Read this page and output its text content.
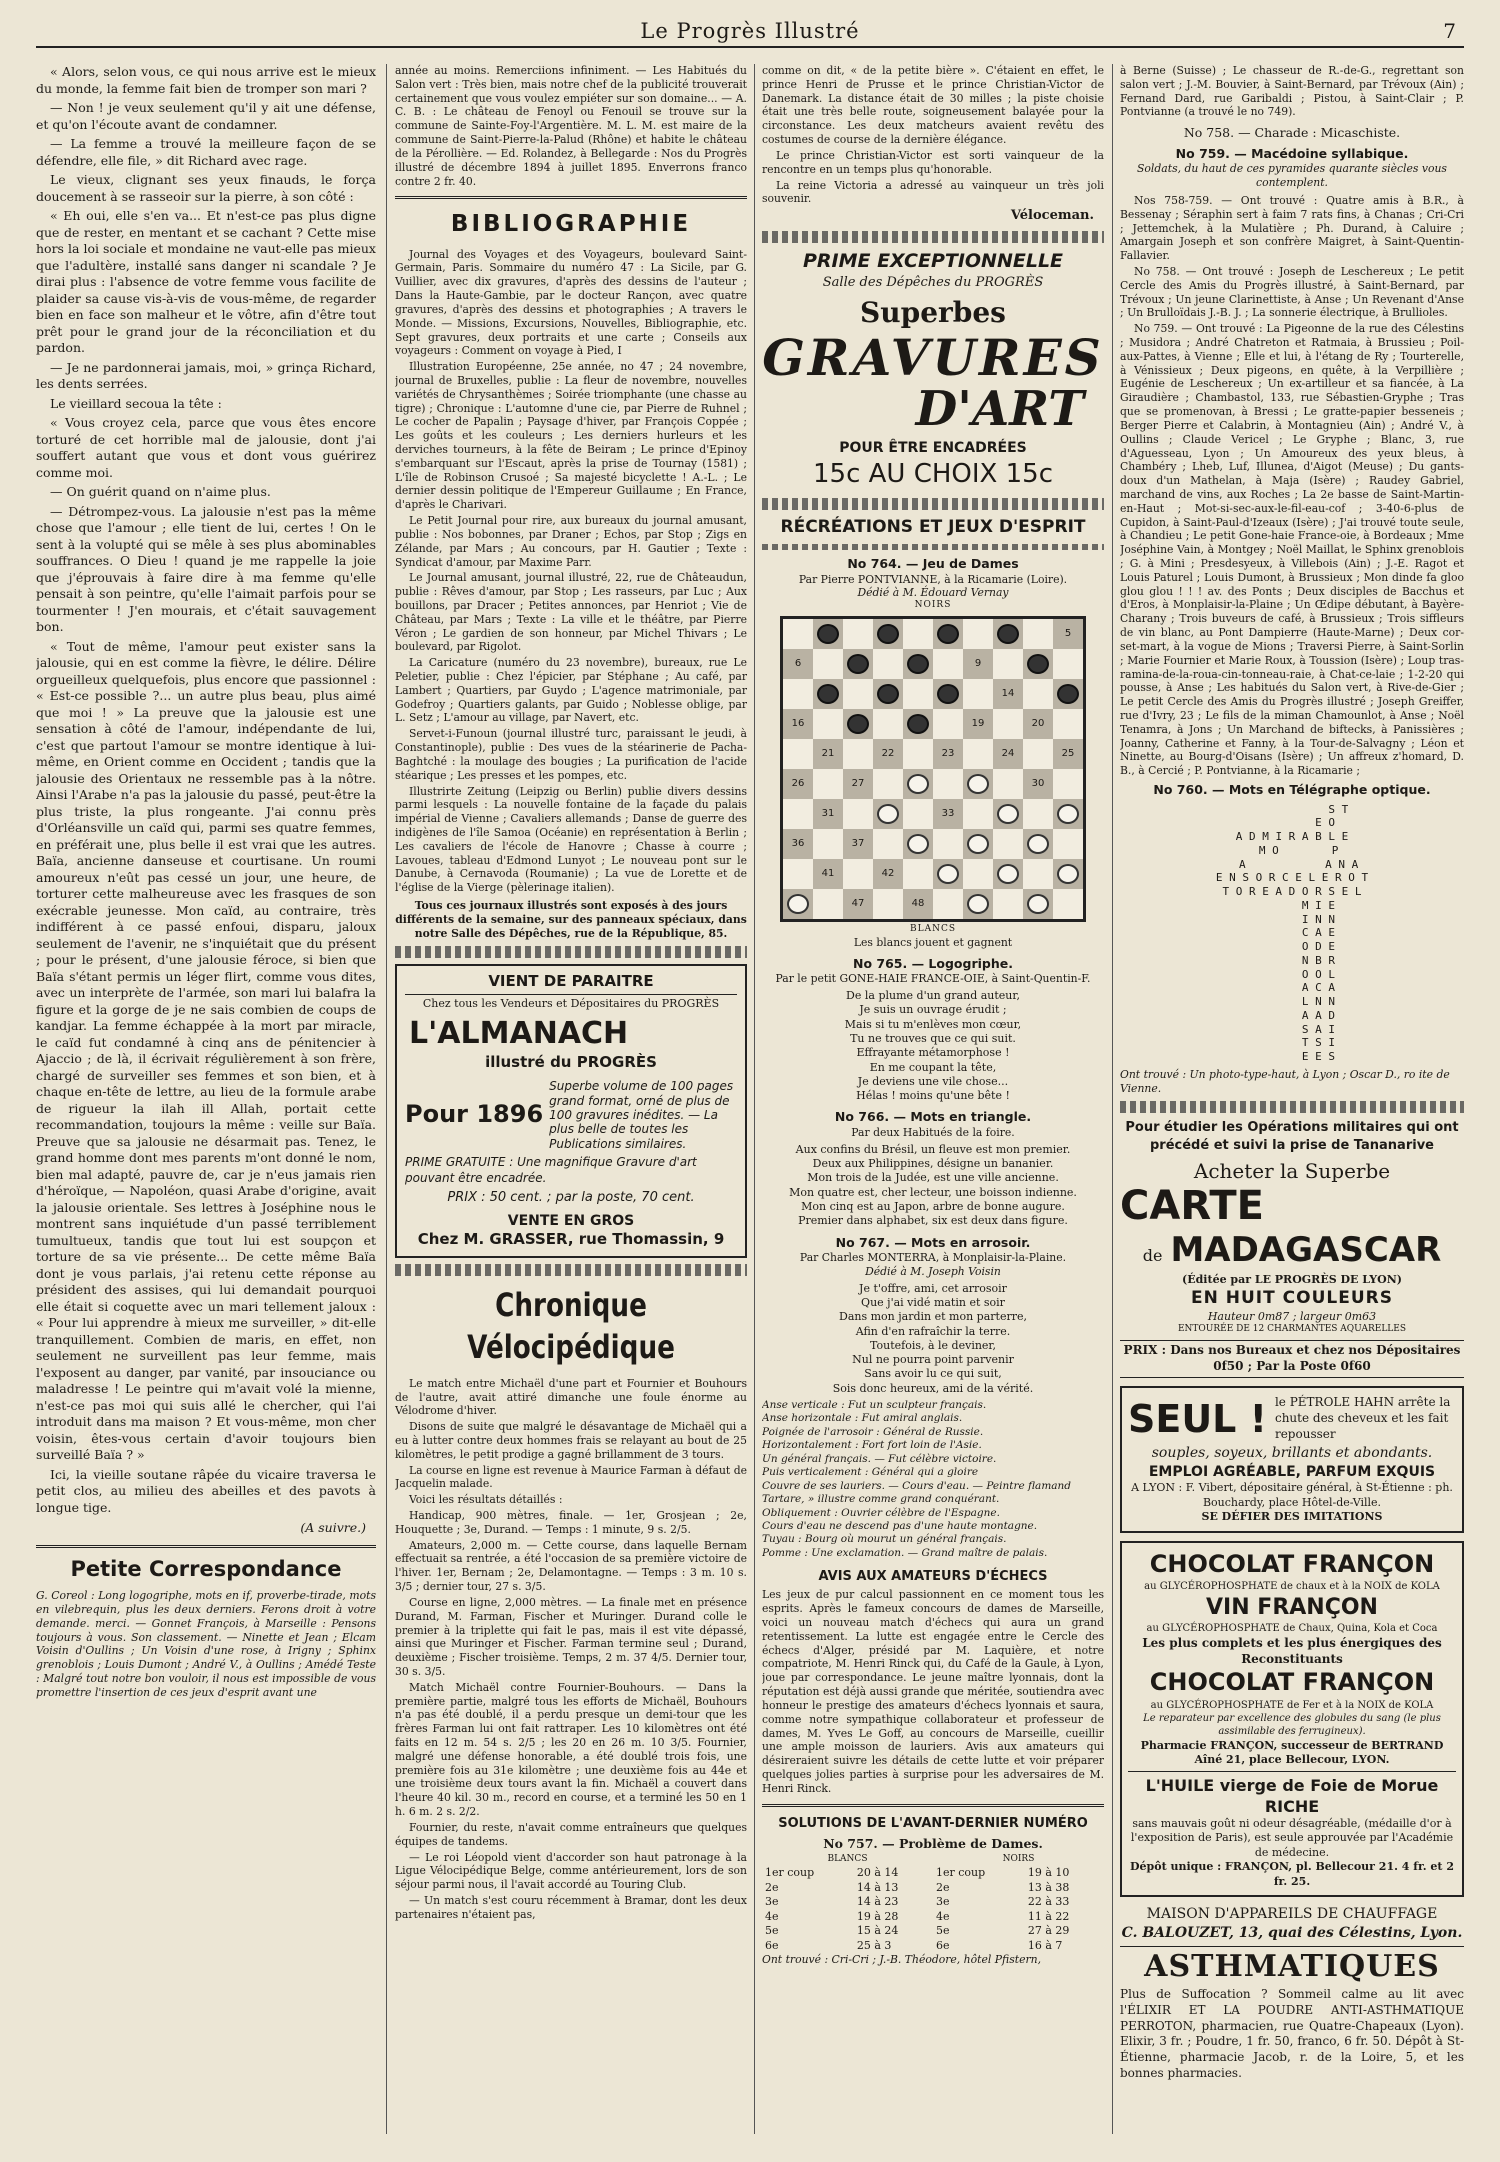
Le Progrès Illustré	7

« Alors, selon vous, ce qui nous arrive est le mieux du monde, la femme fait bien de tromper son mari ?

— Non ! je veux seulement qu'il y ait une défense, et qu'on l'écoute avant de condamner.

— La femme a trouvé la meilleure façon de se défendre, elle file, » dit Richard avec rage.

Le vieux, clignant ses yeux finauds, le força doucement à se rasseoir sur la pierre, à son côté :

« Eh oui, elle s'en va... Et n'est-ce pas plus digne que de rester, en mentant et se cachant ? Cette mise hors la loi sociale et mondaine ne vaut-elle pas mieux que l'adultère, installé sans danger ni scandale ? Je dirai plus : l'absence de votre femme vous facilite de plaider sa cause vis-à-vis de vous-même, de regarder bien en face son malheur et le vôtre, afin d'être tout prêt pour le grand jour de la réconciliation et du pardon.

— Je ne pardonnerai jamais, moi, » grinça Richard, les dents serrées.

Le vieillard secoua la tête :

« Vous croyez cela, parce que vous êtes encore torturé de cet horrible mal de jalousie, dont j'ai souffert autant que vous et dont vous guérirez comme moi.

— On guérit quand on n'aime plus.

— Détrompez-vous. La jalousie n'est pas la même chose que l'amour ; elle tient de lui, certes ! On le sent à la volupté qui se mêle à ses plus abominables souffrances. O Dieu ! quand je me rappelle la joie que j'éprouvais à faire dire à ma femme qu'elle pensait à son peintre, qu'elle l'aimait parfois pour se tourmenter ! J'en mourais, et c'était sauvagement bon.

« Tout de même, l'amour peut exister sans la jalousie, qui en est comme la fièvre, le délire. Délire orgueilleux quelquefois, plus encore que passionnel : « Est-ce possible ?... un autre plus beau, plus aimé que moi ! » La preuve que la jalousie est une sensation à côté de l'amour, indépendante de lui, c'est que partout l'amour se montre identique à lui-même, en Orient comme en Occident ; tandis que la jalousie des Orientaux ne ressemble pas à la nôtre. Ainsi l'Arabe n'a pas la jalousie du passé, peut-être la plus triste, la plus rongeante. J'ai connu près d'Orléansville un caïd qui, parmi ses quatre femmes, en préférait une, plus belle il est vrai que les autres. Baïa, ancienne danseuse et courtisane. Un roumi amoureux n'eût pas cessé un jour, une heure, de torturer cette malheureuse avec les frasques de son exécrable jeunesse. Mon caïd, au contraire, très indifférent à ce passé enfoui, disparu, jaloux seulement de l'avenir, ne s'inquiétait que du présent ; pour le présent, d'une jalousie féroce, si bien que Baïa s'étant permis un léger flirt, comme vous dites, avec un interprète de l'armée, son mari lui balafra la figure et la gorge de je ne sais combien de coups de kandjar. La femme échappée à la mort par miracle, le caïd fut condamné à cinq ans de pénitencier à Ajaccio ; de là, il écrivait régulièrement à son frère, chargé de surveiller ses femmes et son bien, et à chaque en-tête de lettre, au lieu de la formule arabe de rigueur la ilah ill Allah, portait cette recommandation, toujours la même : veille sur Baïa. Preuve que sa jalousie ne désarmait pas. Tenez, le grand homme dont mes parents m'ont donné le nom, bien mal adapté, pauvre de, car je n'eus jamais rien d'héroïque, — Napoléon, quasi Arabe d'origine, avait la jalousie orientale. Ses lettres à Joséphine nous le montrent sans inquiétude d'un passé terriblement tumultueux, tandis que tout lui est soupçon et torture de sa vie présente... De cette même Baïa dont je vous parlais, j'ai retenu cette réponse au président des assises, qui lui demandait pourquoi elle était si coquette avec un mari tellement jaloux : « Pour lui apprendre à mieux me surveiller, » dit-elle tranquillement. Combien de maris, en effet, non seulement ne surveillent pas leur femme, mais l'exposent au danger, par vanité, par insouciance ou maladresse ! Le peintre qui m'avait volé la mienne, n'est-ce pas moi qui suis allé le chercher, qui l'ai introduit dans ma maison ? Et vous-même, mon cher voisin, êtes-vous certain d'avoir toujours bien surveillé Baïa ? »

Ici, la vieille soutane râpée du vicaire traversa le petit clos, au milieu des abeilles et des pavots à longue tige.

(A suivre.)
Petite Correspondance
G. Coreol : Long logogriphe, mots en if, proverbe-tirade, mots en vilebrequin, plus les deux derniers. Ferons droit à votre demande. merci. — Gonnet François, à Marseille : Pensons toujours à vous. Son classement. — Ninette et Jean ; Elcam Voisin d'Oullins ; Un Voisin d'une rose, à Irigny ; Sphinx grenoblois ; Louis Dumont ; André V., à Oullins ; Amédé Teste : Malgré tout notre bon vouloir, il nous est impossible de vous promettre l'insertion de ces jeux d'esprit avant une
année au moins. Remerciions infiniment. — Les Habitués du Salon vert : Très bien, mais notre chef de la publicité trouverait certainement que vous voulez empiéter sur son domaine... — A. C. B. : Le château de Fenoyl ou Fenouil se trouve sur la commune de Sainte-Foy-l'Argentière. M. L. M. est maire de la commune de Saint-Pierre-la-Palud (Rhône) et habite le château de la Pérollière. — Ed. Rolandez, à Bellegarde : Nos du Progrès illustré de décembre 1894 à juillet 1895. Enverrons franco contre 2 fr. 40.
BIBLIOGRAPHIE

Journal des Voyages et des Voyageurs, boulevard Saint-Germain, Paris. Sommaire du numéro 47 : La Sicile, par G. Vuillier, avec dix gravures, d'après des dessins de l'auteur ; Dans la Haute-Gambie, par le docteur Rançon, avec quatre gravures, d'après des dessins et photographies ; A travers le Monde. — Missions, Excursions, Nouvelles, Bibliographie, etc. Sept gravures, deux portraits et une carte ; Conseils aux voyageurs : Comment on voyage à Pied, I

Illustration Européenne, 25e année, no 47 ; 24 novembre, journal de Bruxelles, publie : La fleur de novembre, nouvelles variétés de Chrysanthèmes ; Soirée triomphante (une chasse au tigre) ; Chronique : L'automne d'une cie, par Pierre de Ruhnel ; Le cocher de Papalin ; Paysage d'hiver, par François Coppée ; Les goûts et les couleurs ; Les derniers hurleurs et les derviches tourneurs, à la fête de Beiram ; Le prince d'Epinoy s'embarquant sur l'Escaut, après la prise de Tournay (1581) ; L'île de Robinson Crusoé ; Sa majesté bicyclette ! A.-L. ; Le dernier dessin politique de l'Empereur Guillaume ; En France, d'après le Charivari.

Le Petit Journal pour rire, aux bureaux du journal amusant, publie : Nos bobonnes, par Draner ; Echos, par Stop ; Zigs en Zélande, par Mars ; Au concours, par H. Gautier ; Texte : Syndicat d'amour, par Maxime Parr.

Le Journal amusant, journal illustré, 22, rue de Châteaudun, publie : Rêves d'amour, par Stop ; Les rasseurs, par Luc ; Aux bouillons, par Dracer ; Petites annonces, par Henriot ; Vie de Château, par Mars ; Texte : La ville et le théâtre, par Pierre Véron ; Le gardien de son honneur, par Michel Thivars ; Le boulevard, par Rigolot.

La Caricature (numéro du 23 novembre), bureaux, rue Le Peletier, publie : Chez l'épicier, par Stéphane ; Au café, par Lambert ; Quartiers, par Guydo ; L'agence matrimoniale, par Godefroy ; Quartiers galants, par Guido ; Noblesse oblige, par L. Setz ; L'amour au village, par Navert, etc.

Servet-i-Funoun (journal illustré turc, paraissant le jeudi, à Constantinople), publie : Des vues de la stéarinerie de Pacha-Baghtché : la moulage des bougies ; La purification de l'acide stéarique ; Les presses et les pompes, etc.

Illustrirte Zeitung (Leipzig ou Berlin) publie divers dessins parmi lesquels : La nouvelle fontaine de la façade du palais impérial de Vienne ; Cavaliers allemands ; Danse de guerre des indigènes de l'île Samoa (Océanie) en représentation à Berlin ; Les cavaliers de l'école de Hanovre ; Chasse à courre ; Lavoues, tableau d'Edmond Lunyot ; Le nouveau pont sur le Danube, à Cernavoda (Roumanie) ; La vue de Lorette et de l'église de la Vierge (pèlerinage italien).

Tous ces journaux illustrés sont exposés à des jours différents de la semaine, sur des panneaux spéciaux, dans notre Salle des Dépêches, rue de la République, 85.

VIENT DE PARAITRE
Chez tous les Vendeurs et Dépositaires du PROGRÈS
L'ALMANACH
illustré du PROGRÈS
Pour 1896
Superbe volume de 100 pages grand format, orné de plus de 100 gravures inédites. — La plus belle de toutes les Publications similaires.
PRIME GRATUITE : Une magnifique Gravure d'art pouvant être encadrée.
PRIX : 50 cent. ; par la poste, 70 cent.
VENTE EN GROS
Chez M. GRASSER, rue Thomassin, 9
Chronique Vélocipédique

Le match entre Michaël d'une part et Fournier et Bouhours de l'autre, avait attiré dimanche une foule énorme au Vélodrome d'hiver.

Disons de suite que malgré le désavantage de Michaël qui a eu à lutter contre deux hommes frais se relayant au bout de 25 kilomètres, le petit prodige a gagné brillamment de 3 tours.

La course en ligne est revenue à Maurice Farman à défaut de Jacquelin malade.

Voici les résultats détaillés :

Handicap, 900 mètres, finale. — 1er, Grosjean ; 2e, Houquette ; 3e, Durand. — Temps : 1 minute, 9 s. 2/5.

Amateurs, 2,000 m. — Cette course, dans laquelle Bernam effectuait sa rentrée, a été l'occasion de sa première victoire de l'hiver. 1er, Bernam ; 2e, Delamontagne. — Temps : 3 m. 10 s. 3/5 ; dernier tour, 27 s. 3/5.

Course en ligne, 2,000 mètres. — La finale met en présence Durand, M. Farman, Fischer et Muringer. Durand colle le premier à la triplette qui fait le pas, mais il est vite dépassé, ainsi que Muringer et Fischer. Farman termine seul ; Durand, deuxième ; Fischer troisième. Temps, 2 m. 37 4/5. Dernier tour, 30 s. 3/5.

Match Michaël contre Fournier-Bouhours. — Dans la première partie, malgré tous les efforts de Michaël, Bouhours n'a pas été doublé, il a perdu presque un demi-tour que les frères Farman lui ont fait rattraper. Les 10 kilomètres ont été faits en 12 m. 54 s. 2/5 ; les 20 en 26 m. 10 3/5. Fournier, malgré une défense honorable, a été doublé trois fois, une première fois au 31e kilomètre ; une deuxième fois au 44e et une troisième deux tours avant la fin. Michaël a couvert dans l'heure 40 kil. 30 m., record en course, et a terminé les 50 en 1 h. 6 m. 2 s. 2/2.

Fournier, du reste, n'avait comme entraîneurs que quelques équipes de tandems.

— Le roi Léopold vient d'accorder son haut patronage à la Ligue Vélocipédique Belge, comme antérieurement, lors de son séjour parmi nous, il l'avait accordé au Touring Club.

— Un match s'est couru récemment à Bramar, dont les deux partenaires n'étaient pas,

comme on dit, « de la petite bière ». C'étaient en effet, le prince Henri de Prusse et le prince Christian-Victor de Danemark. La distance était de 30 milles ; la piste choisie était une très belle route, soigneusement balayée pour la circonstance. Les deux matcheurs avaient revêtu des costumes de course de la dernière élégance.

Le prince Christian-Victor est sorti vainqueur de la rencontre en un temps plus qu'honorable.

La reine Victoria a adressé au vainqueur un très joli souvenir.

Véloceman.
PRIME EXCEPTIONNELLE
Salle des Dépêches du PROGRÈS
Superbes
GRAVURES
D'ART
POUR ÊTRE ENCADRÉES
15c AU CHOIX 15c
RÉCRÉATIONS ET JEUX D'ESPRIT
No 764. — Jeu de Dames
Par Pierre PONTVIANNE, à la Ricamarie (Loire).
Dédié à M. Édouard Vernay
NOIRS
5
6	9
14
16	19	20
21	22	23	24	25
26	27	30
31	33
36	37
41	42
47	48
BLANCS
Les blancs jouent et gagnent
No 765. — Logogriphe.
Par le petit GONE-HAIE FRANCE-OIE, à Saint-Quentin-F.
De la plume d'un grand auteur,
Je suis un ouvrage érudit ;
Mais si tu m'enlèves mon cœur,
Tu ne trouves que ce qui suit.
Effrayante métamorphose !
En me coupant la tête,
Je deviens une vile chose...
Hélas ! moins qu'une bête !
No 766. — Mots en triangle.
Par deux Habitués de la foire.
Aux confins du Brésil, un fleuve est mon premier.
Deux aux Philippines, désigne un bananier.
Mon trois de la Judée, est une ville ancienne.
Mon quatre est, cher lecteur, une boisson indienne.
Mon cinq est au Japon, arbre de bonne augure.
Premier dans alphabet, six est deux dans figure.
No 767. — Mots en arrosoir.
Par Charles MONTERRA, à Monplaisir-la-Plaine.
Dédié à M. Joseph Voisin
Je t'offre, ami, cet arrosoir
Que j'ai vidé matin et soir
Dans mon jardin et mon parterre,
Afin d'en rafraîchir la terre.
Toutefois, à le deviner,
Nul ne pourra point parvenir
Sans avoir lu ce qui suit,
Sois donc heureux, ami de la vérité.
Anse verticale : Fut un sculpteur français.
Anse horizontale : Fut amiral anglais.
Poignée de l'arrosoir : Général de Russie.
Horizontalement : Fort fort loin de l'Asie.
Un général français. — Fut célèbre victoire.
Puis verticalement : Général qui a gloire
Couvre de ses lauriers. — Cours d'eau. — Peintre flamand
Tartare, » illustre comme grand conquérant.
Obliquement : Ouvrier célèbre de l'Espagne.
Cours d'eau ne descend pas d'une haute montagne.
Tuyau : Bourg où mourut un général français.
Pomme : Une exclamation. — Grand maître de palais.
AVIS AUX AMATEURS D'ÉCHECS
Les jeux de pur calcul passionnent en ce moment tous les esprits. Après le fameux concours de dames de Marseille, voici un nouveau match d'échecs qui aura un grand retentissement. La lutte est engagée entre le Cercle des échecs d'Alger, présidé par M. Laquière, et notre compatriote, M. Henri Rinck qui, du Café de la Gaule, à Lyon, joue par correspondance. Le jeune maître lyonnais, dont la réputation est déjà aussi grande que méritée, soutiendra avec honneur le prestige des amateurs d'échecs lyonnais et saura, comme notre sympathique collaborateur et professeur de dames, M. Yves Le Goff, au concours de Marseille, cueillir une ample moisson de lauriers. Avis aux amateurs qui désireraient suivre les détails de cette lutte et voir préparer quelques jolies parties à surprise pour les adversaires de M. Henri Rinck.
SOLUTIONS DE L'AVANT-DERNIER NUMÉRO
No 757. — Problème de Dames.
BLANCS		NOIRS	
1er coup	20 à 14	1er coup	19 à 10
2e	14 à 13	2e	13 à 38
3e	14 à 23	3e	22 à 33
4e	19 à 28	4e	11 à 22
5e	15 à 24	5e	27 à 29
6e	25 à 3	6e	16 à 7
Ont trouvé : Cri-Cri ; J.-B. Théodore, hôtel Pfistern,
à Berne (Suisse) ; Le chasseur de R.-de-G., regrettant son salon vert ; J.-M. Bouvier, à Saint-Bernard, par Trévoux (Ain) ; Fernand Dard, rue Garibaldi ; Pistou, à Saint-Clair ; P. Pontvianne (a trouvé le no 749).
No 758. — Charade : Micaschiste.
No 759. — Macédoine syllabique.
Soldats, du haut de ces pyramides quarante siècles vous contemplent.

Nos 758-759. — Ont trouvé : Quatre amis à B.R., à Bessenay ; Séraphin sert à faim 7 rats fins, à Chanas ; Cri-Cri ; Jettemchek, à la Mulatière ; Ph. Durand, à Caluire ; Amargain Joseph et son confrère Maigret, à Saint-Quentin-Fallavier.

No 758. — Ont trouvé : Joseph de Leschereux ; Le petit Cercle des Amis du Progrès illustré, à Saint-Bernard, par Trévoux ; Un jeune Clarinettiste, à Anse ; Un Revenant d'Anse ; Un Brulloïdais J.-B. J. ; La sonnerie électrique, à Brullioles.

No 759. — Ont trouvé : La Pigeonne de la rue des Célestins ; Musidora ; André Chatreton et Ratmaia, à Brussieu ; Poil-aux-Pattes, à Vienne ; Elle et lui, à l'étang de Ry ; Tourterelle, à Vénissieux ; Deux pigeons, en quête, à la Verpillière ; Eugénie de Leschereux ; Un ex-artilleur et sa fiancée, à La Giraudière ; Chambastol, 133, rue Sébastien-Gryphe ; Tras que se promenovan, à Bressi ; Le gratte-papier besseneis ; Berger Pierre et Calabrin, à Montagnieu (Ain) ; André V., à Oullins ; Claude Vericel ; Le Gryphe ; Blanc, 3, rue d'Aguesseau, Lyon ; Un Amoureux des yeux bleus, à Chambéry ; Lheb, Luf, Illunea, d'Aigot (Meuse) ; Du gants-doux d'un Mathelan, à Maja (Isère) ; Raudey Gabriel, marchand de vins, aux Roches ; La 2e basse de Saint-Martin-en-Haut ; Mot-si-sec-aux-le-fil-eau-cof ; 3-40-6-plus de Cupidon, à Saint-Paul-d'Izeaux (Isère) ; J'ai trouvé toute seule, à Chandieu ; Le petit Gone-haie France-oie, à Bordeaux ; Mme Joséphine Vain, à Montgey ; Noël Maillat, le Sphinx grenoblois ; G. à Mini ; Presdesyeux, à Villebois (Ain) ; J.-E. Ragot et Louis Paturel ; Louis Dumont, à Brussieux ; Mon dinde fa gloo glou glou ! ! ! av. des Ponts ; Deux disciples de Bacchus et d'Eros, à Monplaisir-la-Plaine ; Un Œdipe débutant, à Bayère-Charany ; Trois buveurs de café, à Brussieux ; Trois siffleurs de vin blanc, au Pont Dampierre (Haute-Marne) ; Deux cor-set-mart, à la vogue de Mions ; Traversi Pierre, à Saint-Sorlin ; Marie Fournier et Marie Roux, à Toussion (Isère) ; Loup tras-ramina-de-la-roua-cin-tonneau-raie, à Chat-ce-laie ; 1-2-20 qui pousse, à Anse ; Les habitués du Salon vert, à Rive-de-Gier ; Le petit Cercle des Amis du Progrès illustré ; Joseph Greiffer, rue d'Ivry, 23 ; Le fils de la miman Chamounlot, à Anse ; Noël Tenamra, à Jons ; Un Marchand de biftecks, à Panissières ; Joanny, Catherine et Fanny, à la Tour-de-Salvagny ; Léon et Ninette, au Bourg-d'Oisans (Isère) ; Un affreux z'homard, D. B., à Cercié ; P. Pontvianne, à la Ricamarie ;

No 760. — Mots en Télégraphe optique.
S T
E O
A D M I R A B L E
M O        P
A            A N A
E N S O R C E L E R O T
T O R E A D O R S E L
M I E
I N N
C A E
O D E
N B R
O O L
A C A
L N N
A A D
S A I
T S I
E E S
Ont trouvé : Un photo-type-haut, à Lyon ; Oscar D., ro ite de Vienne.
Pour étudier les Opérations militaires qui ont précédé et suivi la prise de Tananarive
Acheter la Superbe
CARTE
de MADAGASCAR
(Éditée par LE PROGRÈS DE LYON)
EN HUIT COULEURS
Hauteur 0m87 ; largeur 0m63
ENTOURÉE DE 12 CHARMANTES AQUARELLES
PRIX : Dans nos Bureaux et chez nos Dépositaires 0f50 ; Par la Poste 0f60
SEUL ! le PÉTROLE HAHN arrête la chute des cheveux et les fait repousser
souples, soyeux, brillants et abondants.
EMPLOI AGRÉABLE, PARFUM EXQUIS
A LYON : F. Vibert, dépositaire général, à St-Étienne : ph. Bouchardy, place Hôtel-de-Ville.
SE DÉFIER DES IMITATIONS
CHOCOLAT FRANÇON
au GLYCÉROPHOSPHATE de chaux et à la NOIX de KOLA
VIN FRANÇON
au GLYCÉROPHOSPHATE de Chaux, Quina, Kola et Coca
Les plus complets et les plus énergiques des Reconstituants
CHOCOLAT FRANÇON
au GLYCÉROPHOSPHATE de Fer et à la NOIX de KOLA
Le reparateur par excellence des globules du sang (le plus assimilable des ferrugineux).
Pharmacie FRANÇON, successeur de BERTRAND Aîné 21, place Bellecour, LYON.
L'HUILE vierge de Foie de Morue RICHE
sans mauvais goût ni odeur désagréable, (médaille d'or à l'exposition de Paris), est seule approuvée par l'Académie de médecine.
Dépôt unique : FRANÇON, pl. Bellecour 21. 4 fr. et 2 fr. 25.
MAISON D'APPAREILS DE CHAUFFAGE
C. BALOUZET, 13, quai des Célestins, Lyon.
ASTHMATIQUES
Plus de Suffocation ? Sommeil calme au lit avec l'ÉLIXIR ET LA POUDRE ANTI-ASTHMATIQUE PERROTON, pharmacien, rue Quatre-Chapeaux (Lyon). Elixir, 3 fr. ; Poudre, 1 fr. 50, franco, 6 fr. 50. Dépôt à St-Étienne, pharmacie Jacob, r. de la Loire, 5, et les bonnes pharmacies.
